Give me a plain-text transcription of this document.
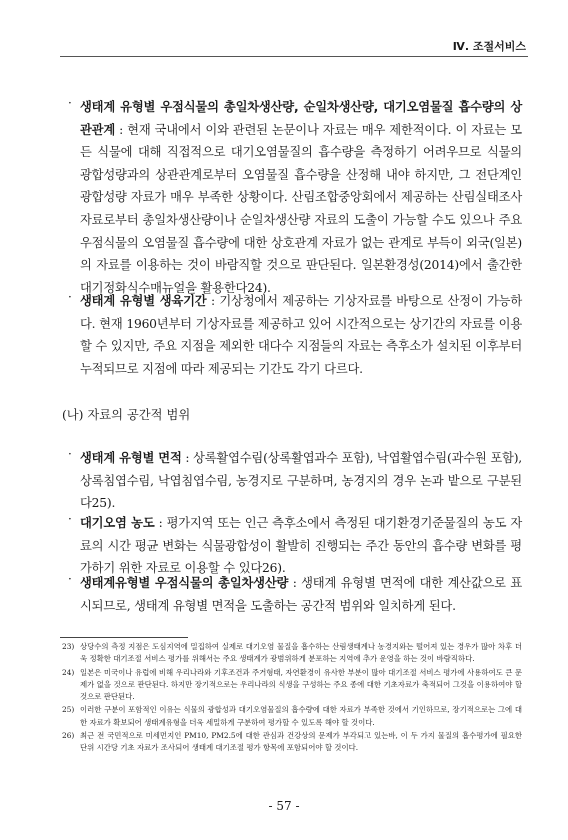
Ⅳ. 조절서비스
· 생태계 유형별 우점식물의 총일차생산량, 순일차생산량, 대기오염물질 흡수량의 상관관계 : 현재 국내에서 이와 관련된 논문이나 자료는 매우 제한적이다. 이 자료는 모든 식물에 대해 직접적으로 대기오염물질의 흡수량을 측정하기 어려우므로 식물의 광합성량과의 상관관계로부터 오염물질 흡수량을 산정해 내야 하지만, 그 전단계인 광합성량 자료가 매우 부족한 상황이다. 산림조합중앙회에서 제공하는 산림실태조사 자료로부터 총일차생산량이나 순일차생산량 자료의 도출이 가능할 수도 있으나 주요 우점식물의 오염물질 흡수량에 대한 상호관계 자료가 없는 관계로 부득이 외국(일본)의 자료를 이용하는 것이 바람직할 것으로 판단된다. 일본환경성(2014)에서 출간한 대기정화식수매뉴얼을 활용한다24).
· 생태계 유형별 생육기간 : 기상청에서 제공하는 기상자료를 바탕으로 산정이 가능하다. 현재 1960년부터 기상자료를 제공하고 있어 시간적으로는 상기간의 자료를 이용할 수 있지만, 주요 지점을 제외한 대다수 지점들의 자료는 측후소가 설치된 이후부터 누적되므로 지점에 따라 제공되는 기간도 각기 다르다.
(나) 자료의 공간적 범위
· 생태계 유형별 면적 : 상록활엽수림(상록활엽과수 포함), 낙엽활엽수림(과수원 포함), 상록침엽수림, 낙엽침엽수림, 농경지로 구분하며, 농경지의 경우 논과 밭으로 구분된다25).
· 대기오염 농도 : 평가지역 또는 인근 측후소에서 측정된 대기환경기준물질의 농도 자료의 시간 평균 변화는 식물광합성이 활발히 진행되는 주간 동안의 흡수량 변화를 평가하기 위한 자료로 이용할 수 있다26).
· 생태계유형별 우점식물의 총일차생산량 : 생태계 유형별 면적에 대한 계산값으로 표시되므로, 생태계 유형별 면적을 도출하는 공간적 범위와 일치하게 된다.
23) 상당수의 측정 지점은 도심지역에 밀집하여 실제로 대기오염 물질을 흡수하는 산림생태계나 농경지와는 떨어져 있는 경우가 많아 차후 더욱 정확한 대기조절 서비스 평가를 위해서는 주요 생태계가 광범위하게 분포하는 지역에 추가 운영을 하는 것이 바람직하다.
24) 일본은 미국이나 유럽에 비해 우리나라와 기후조건과 주거형태, 자연환경이 유사한 부분이 많아 대기조절 서비스 평가에 사용하여도 큰 문제가 없을 것으로 판단된다. 하지만 장기적으로는 우리나라의 식생을 구성하는 주요 종에 대한 기초자료가 축적되어 그것을 이용하여야 할 것으로 판단된다.
25) 이러한 구분이 포함적인 이유는 식물의 광합성과 대기오염물질의 흡수량에 대한 자료가 부족한 것에서 기인하므로, 장기적으로는 그에 대한 자료가 확보되어 생태계유형을 더욱 세밀하게 구분하여 평가할 수 있도록 해야 할 것이다.
26) 최근 전 국민적으로 미세먼지인 PM10, PM2.5에 대한 관심과 건강상의 문제가 부각되고 있는바, 이 두 가지 물질의 흡수평가에 필요한 단위 시간당 기초 자료가 조사되어 생태계 대기조절 평가 항목에 포함되어야 할 것이다.
- 57 -
